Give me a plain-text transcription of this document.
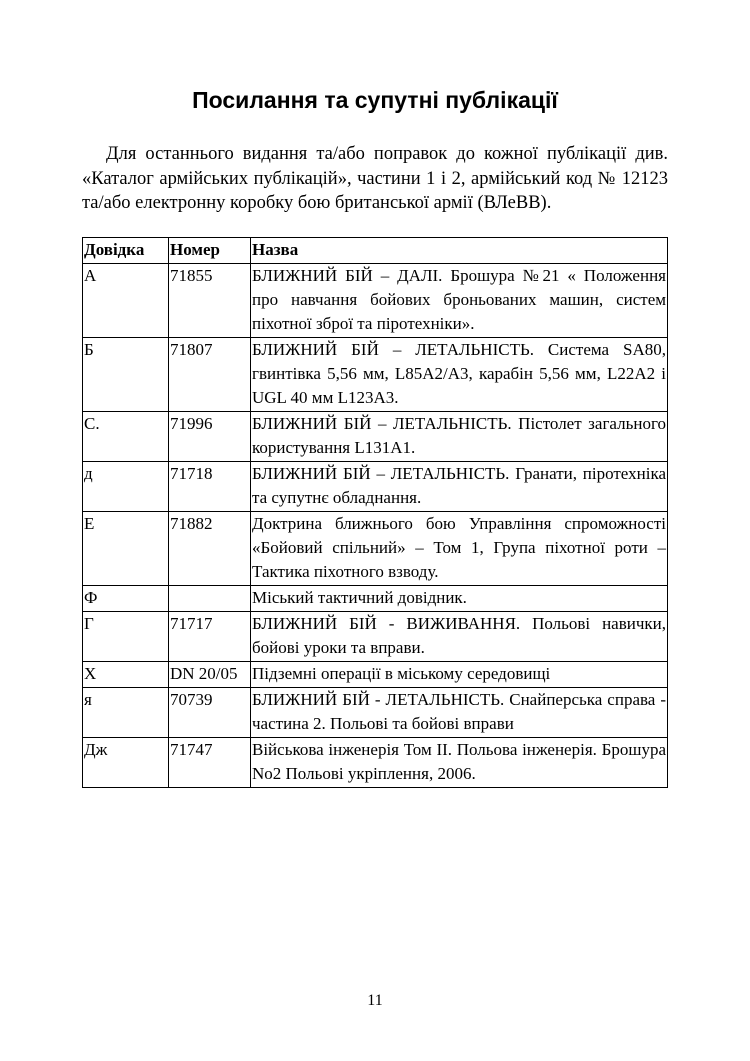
Посилання та супутні публікації

Для останнього видання та/або поправок до кожної публікації див. «Каталог армійських публікацій», частини 1 і 2, армійський код № 12123 та/або електронну коробку бою британської армії (ВЛеВВ).

Довідка	Номер	Назва
А	71855	БЛИЖНИЙ БІЙ – ДАЛІ. Брошура №21 « Положення про навчання бойових броньованих машин, систем піхотної зброї та піротехніки».
Б	71807	БЛИЖНИЙ БІЙ – ЛЕТАЛЬНІСТЬ. Система SA80, гвинтівка 5,56 мм, L85A2/A3, карабін 5,56 мм, L22A2 і UGL 40 мм L123A3.
С.	71996	БЛИЖНИЙ БІЙ – ЛЕТАЛЬНІСТЬ. Пістолет загального користування L131A1.
д	71718	БЛИЖНИЙ БІЙ – ЛЕТАЛЬНІСТЬ. Гранати, піротехніка та супутнє обладнання.
Е	71882	Доктрина ближнього бою Управління спроможності «Бойовий спільний» – Том 1, Група піхотної роти – Тактика піхотного взводу.
Ф		Міський тактичний довідник.
Г	71717	БЛИЖНИЙ БІЙ - ВИЖИВАННЯ. Польові навички, бойові уроки та вправи.
Х	DN 20/05	Підземні операції в міському середовищі
я	70739	БЛИЖНИЙ БІЙ - ЛЕТАЛЬНІСТЬ. Снайперська справа - частина 2. Польові та бойові вправи
Дж	71747	Військова інженерія Том II. Польова інженерія. Брошура No2 Польові укріплення, 2006.

11
